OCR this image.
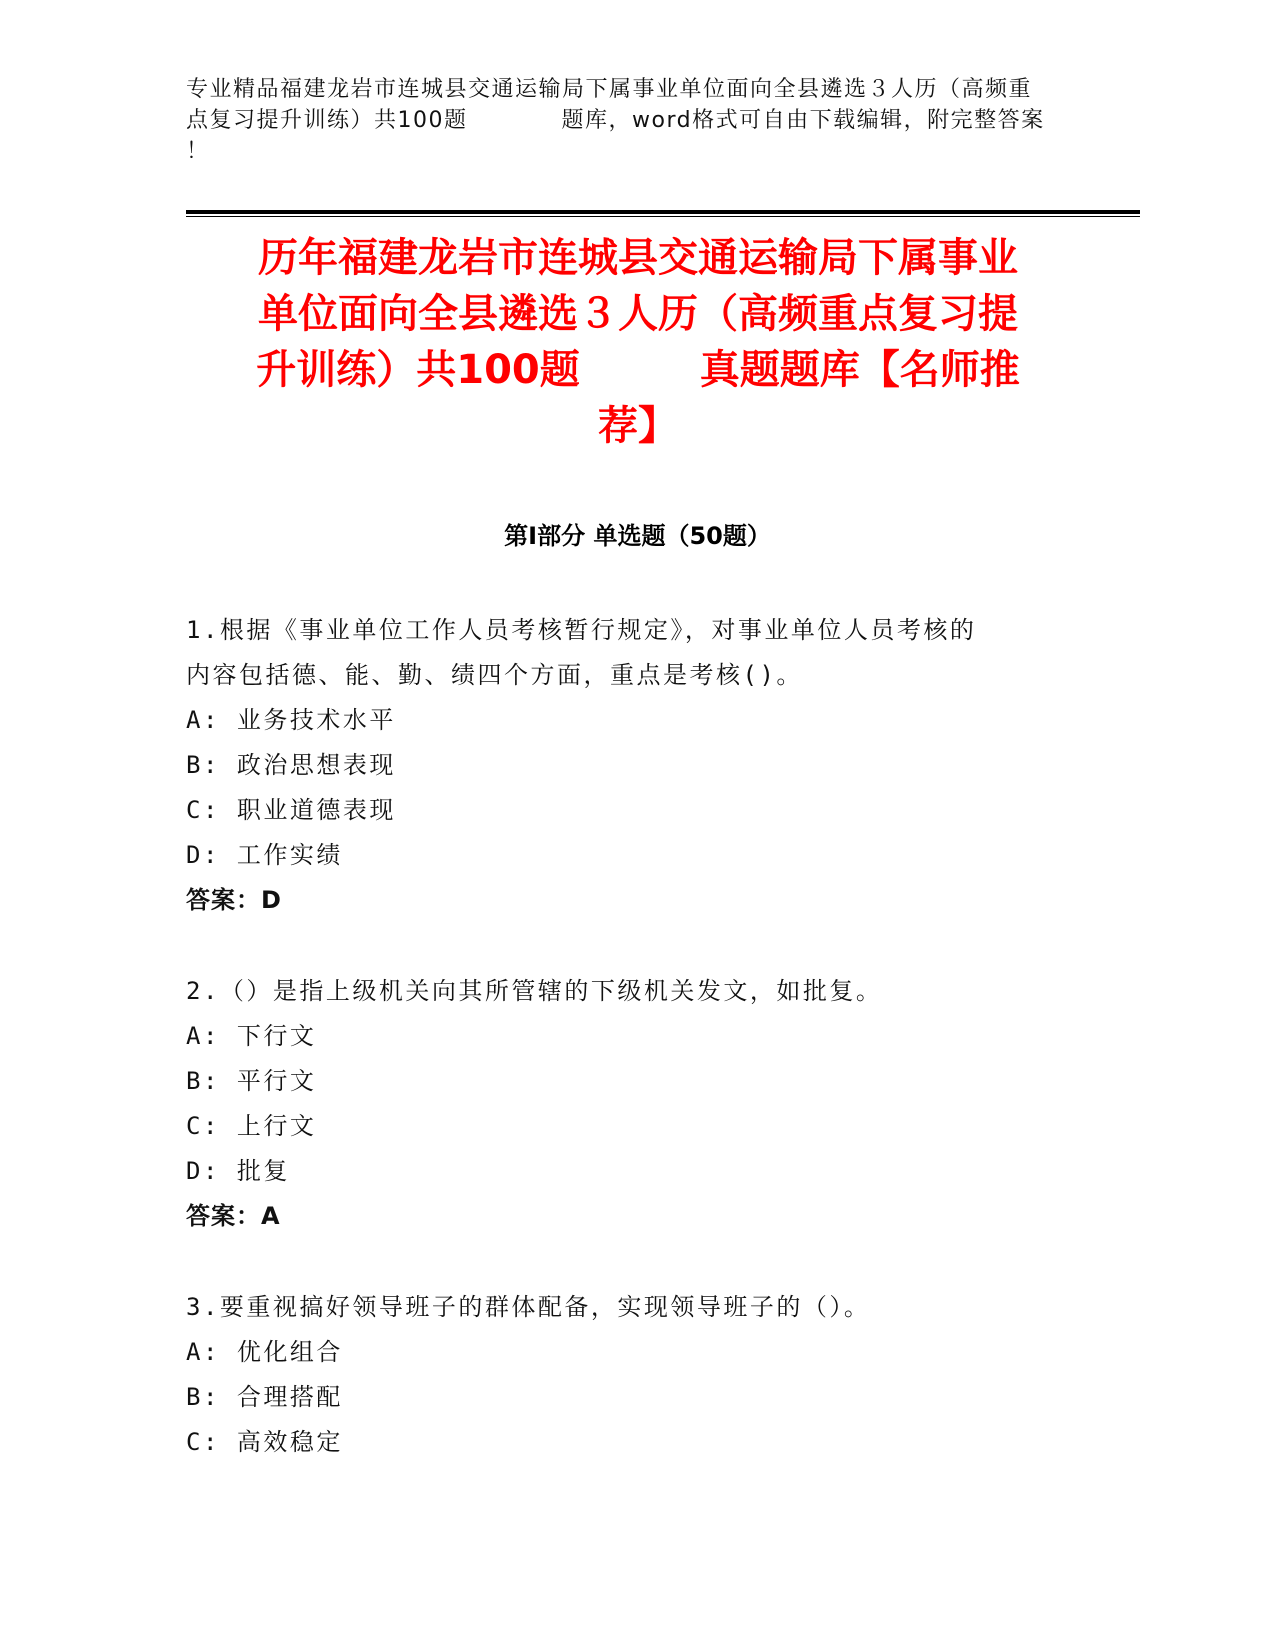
专业精品福建龙岩市连城县交通运输局下属事业单位面向全县遴选３人历（高频重
点复习提升训练）共100题　　　　题库，word格式可自由下载编辑，附完整答案
！
历年福建龙岩市连城县交通运输局下属事业
单位面向全县遴选３人历（高频重点复习提
升训练）共100题　　　真题题库【名师推
荐】
第Ⅰ部分 单选题（50题）
1.根据《事业单位工作人员考核暂行规定》，对事业单位人员考核的
内容包括德、能、勤、绩四个方面，重点是考核()。
A: 业务技术水平
B: 政治思想表现
C: 职业道德表现
D: 工作实绩
答案：D
2.（）是指上级机关向其所管辖的下级机关发文，如批复。
A: 下行文
B: 平行文
C: 上行文
D: 批复
答案：A
3.要重视搞好领导班子的群体配备，实现领导班子的（）。
A: 优化组合
B: 合理搭配
C: 高效稳定
